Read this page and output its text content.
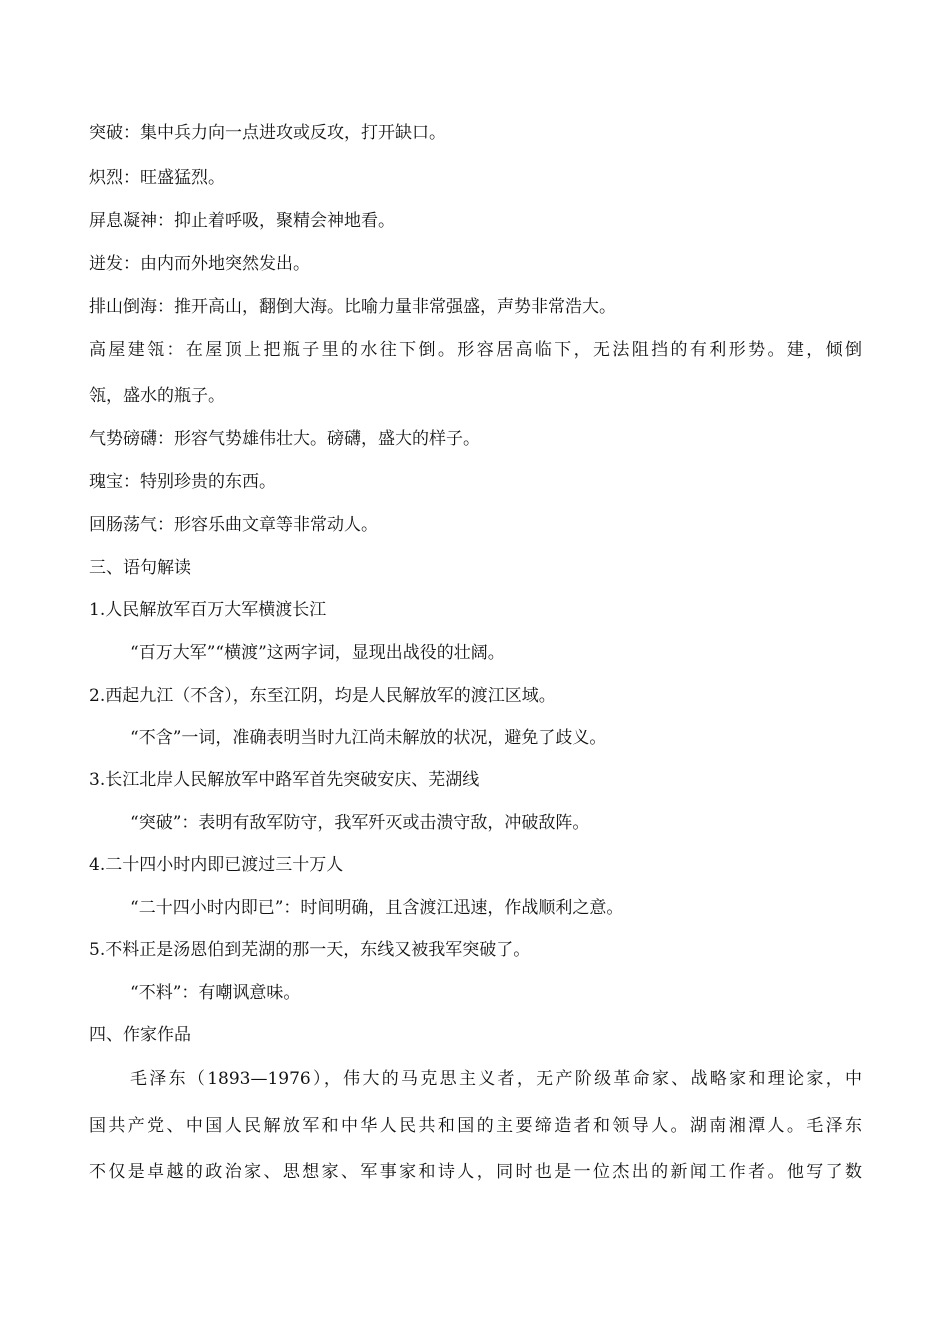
突破：集中兵力向一点进攻或反攻，打开缺口。
炽烈：旺盛猛烈。
屏息凝神：抑止着呼吸，聚精会神地看。
迸发：由内而外地突然发出。
排山倒海：推开高山，翻倒大海。比喻力量非常强盛，声势非常浩大。
高屋建瓴：在屋顶上把瓶子里的水往下倒。形容居高临下，无法阻挡的有利形势。建，倾倒
瓴，盛水的瓶子。
气势磅礴：形容气势雄伟壮大。磅礴，盛大的样子。
瑰宝：特别珍贵的东西。
回肠荡气：形容乐曲文章等非常动人。
三、语句解读
1.人民解放军百万大军横渡长江
“百万大军”“横渡”这两字词，显现出战役的壮阔。
2.西起九江（不含），东至江阴，均是人民解放军的渡江区域。
“不含”一词，准确表明当时九江尚未解放的状况，避免了歧义。
3.长江北岸人民解放军中路军首先突破安庆、芜湖线
“突破”：表明有敌军防守，我军歼灭或击溃守敌，冲破敌阵。
4.二十四小时内即已渡过三十万人
“二十四小时内即已”：时间明确，且含渡江迅速，作战顺利之意。
5.不料正是汤恩伯到芜湖的那一天，东线又被我军突破了。
“不料”：有嘲讽意味。
四、作家作品
毛泽东（1893—1976），伟大的马克思主义者，无产阶级革命家、战略家和理论家，中
国共产党、中国人民解放军和中华人民共和国的主要缔造者和领导人。湖南湘潭人。毛泽东
不仅是卓越的政治家、思想家、军事家和诗人，同时也是一位杰出的新闻工作者。他写了数
